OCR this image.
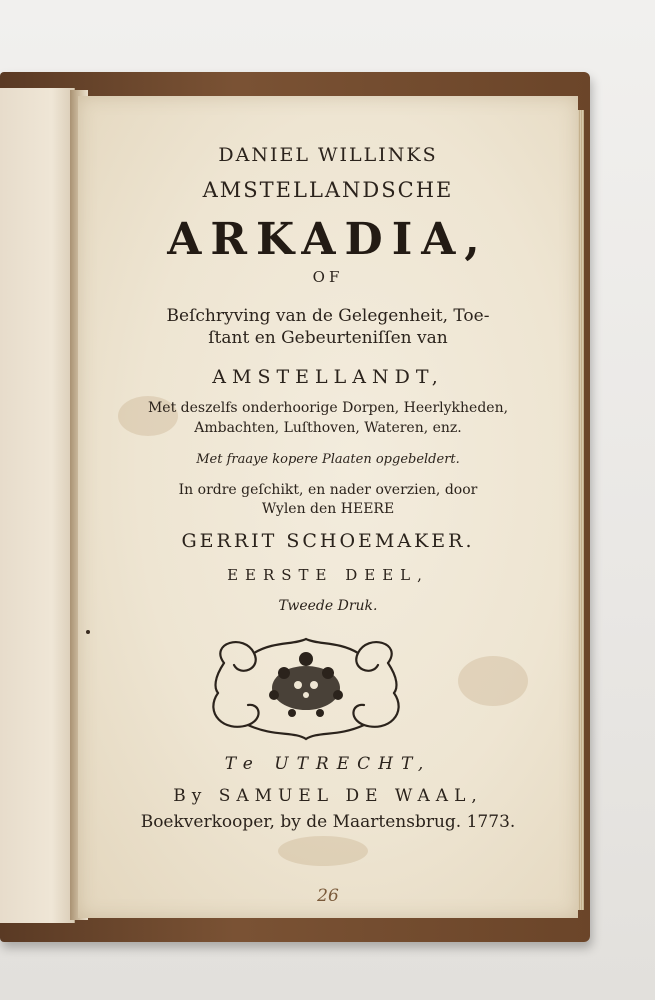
DANIEL WILLINKS
AMSTELLANDSCHE
ARKADIA,
OF
Beſchryving van de Gelegenheit, Toe-
ſtant en Gebeurteniſſen van
AMSTELLANDT,
Met deszelfs onderhoorige Dorpen, Heerlykheden,
Ambachten, Luſthoven, Wateren, enz.
Met fraaye kopere Plaaten opgebeldert.
In ordre geſchikt, en nader overzien, door
Wylen den HEERE
GERRIT SCHOEMAKER.
EERSTE DEEL,
Tweede Druk.
Te UTRECHT,
By SAMUEL DE WAAL,
Boekverkooper, by de Maartensbrug. 1773.
26
